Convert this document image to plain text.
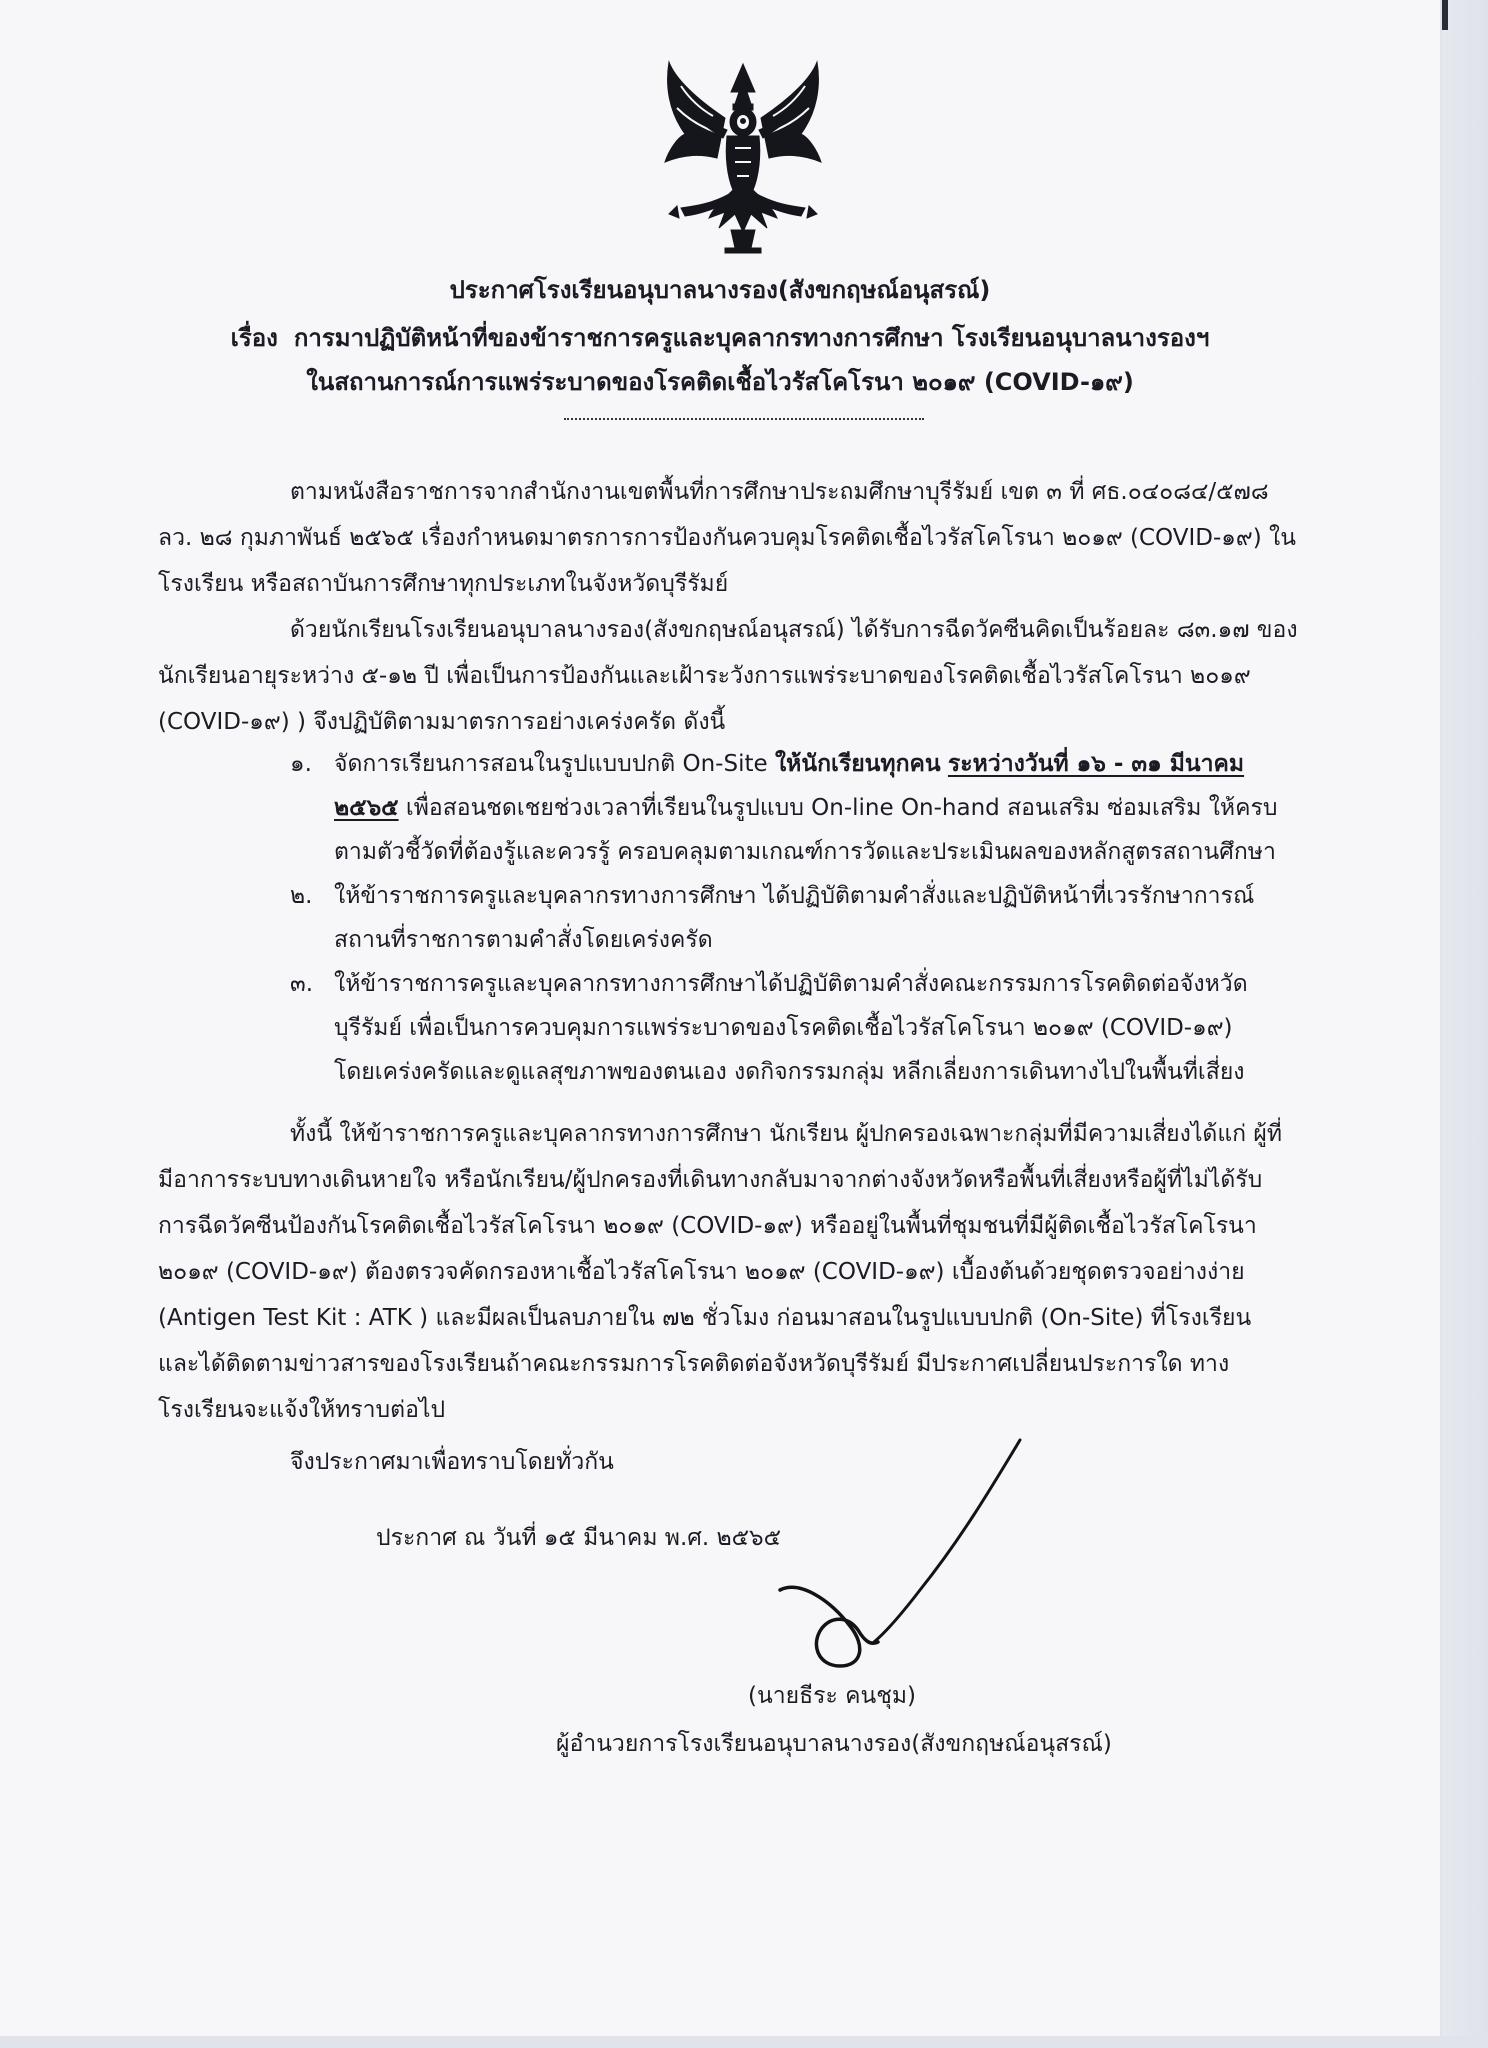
ประกาศโรงเรียนอนุบาลนางรอง(สังขกฤษณ์อนุสรณ์)
เรื่อง การมาปฏิบัติหน้าที่ของข้าราชการครูและบุคลากรทางการศึกษา โรงเรียนอนุบาลนางรองฯ
ในสถานการณ์การแพร่ระบาดของโรคติดเชื้อไวรัสโคโรนา ๒๐๑๙ (COVID-๑๙)
ตามหนังสือราชการจากสำนักงานเขตพื้นที่การศึกษาประถมศึกษาบุรีรัมย์ เขต ๓ ที่ ศธ.๐๔๐๘๔/๕๗๘
ลว. ๒๘ กุมภาพันธ์ ๒๕๖๕ เรื่องกำหนดมาตรการการป้องกันควบคุมโรคติดเชื้อไวรัสโคโรนา ๒๐๑๙ (COVID-๑๙) ใน
โรงเรียน หรือสถาบันการศึกษาทุกประเภทในจังหวัดบุรีรัมย์
ด้วยนักเรียนโรงเรียนอนุบาลนางรอง(สังขกฤษณ์อนุสรณ์) ได้รับการฉีดวัคซีนคิดเป็นร้อยละ ๘๓.๑๗ ของ
นักเรียนอายุระหว่าง ๕-๑๒ ปี เพื่อเป็นการป้องกันและเฝ้าระวังการแพร่ระบาดของโรคติดเชื้อไวรัสโคโรนา ๒๐๑๙
(COVID-๑๙) ) จึงปฏิบัติตามมาตรการอย่างเคร่งครัด ดังนี้
๑. จัดการเรียนการสอนในรูปแบบปกติ On-Site ให้นักเรียนทุกคน ระหว่างวันที่ ๑๖ - ๓๑ มีนาคม
๒๕๖๕ เพื่อสอนชดเชยช่วงเวลาที่เรียนในรูปแบบ On-line On-hand สอนเสริม ซ่อมเสริม ให้ครบ
ตามตัวชี้วัดที่ต้องรู้และควรรู้ ครอบคลุมตามเกณฑ์การวัดและประเมินผลของหลักสูตรสถานศึกษา
๒. ให้ข้าราชการครูและบุคลากรทางการศึกษา ได้ปฏิบัติตามคำสั่งและปฏิบัติหน้าที่เวรรักษาการณ์
สถานที่ราชการตามคำสั่งโดยเคร่งครัด
๓. ให้ข้าราชการครูและบุคลากรทางการศึกษาได้ปฏิบัติตามคำสั่งคณะกรรมการโรคติดต่อจังหวัด
บุรีรัมย์ เพื่อเป็นการควบคุมการแพร่ระบาดของโรคติดเชื้อไวรัสโคโรนา ๒๐๑๙ (COVID-๑๙)
โดยเคร่งครัดและดูแลสุขภาพของตนเอง งดกิจกรรมกลุ่ม หลีกเลี่ยงการเดินทางไปในพื้นที่เสี่ยง
ทั้งนี้ ให้ข้าราชการครูและบุคลากรทางการศึกษา นักเรียน ผู้ปกครองเฉพาะกลุ่มที่มีความเสี่ยงได้แก่ ผู้ที่
มีอาการระบบทางเดินหายใจ หรือนักเรียน/ผู้ปกครองที่เดินทางกลับมาจากต่างจังหวัดหรือพื้นที่เสี่ยงหรือผู้ที่ไม่ได้รับ
การฉีดวัคซีนป้องกันโรคติดเชื้อไวรัสโคโรนา ๒๐๑๙ (COVID-๑๙) หรืออยู่ในพื้นที่ชุมชนที่มีผู้ติดเชื้อไวรัสโคโรนา
๒๐๑๙ (COVID-๑๙) ต้องตรวจคัดกรองหาเชื้อไวรัสโคโรนา ๒๐๑๙ (COVID-๑๙) เบื้องต้นด้วยชุดตรวจอย่างง่าย
(Antigen Test Kit : ATK ) และมีผลเป็นลบภายใน ๗๒ ชั่วโมง ก่อนมาสอนในรูปแบบปกติ (On-Site) ที่โรงเรียน
และได้ติดตามข่าวสารของโรงเรียนถ้าคณะกรรมการโรคติดต่อจังหวัดบุรีรัมย์ มีประกาศเปลี่ยนประการใด ทาง
โรงเรียนจะแจ้งให้ทราบต่อไป
จึงประกาศมาเพื่อทราบโดยทั่วกัน
ประกาศ ณ วันที่ ๑๕ มีนาคม พ.ศ. ๒๕๖๕
(นายธีระ คนชุม)
ผู้อำนวยการโรงเรียนอนุบาลนางรอง(สังขกฤษณ์อนุสรณ์)
